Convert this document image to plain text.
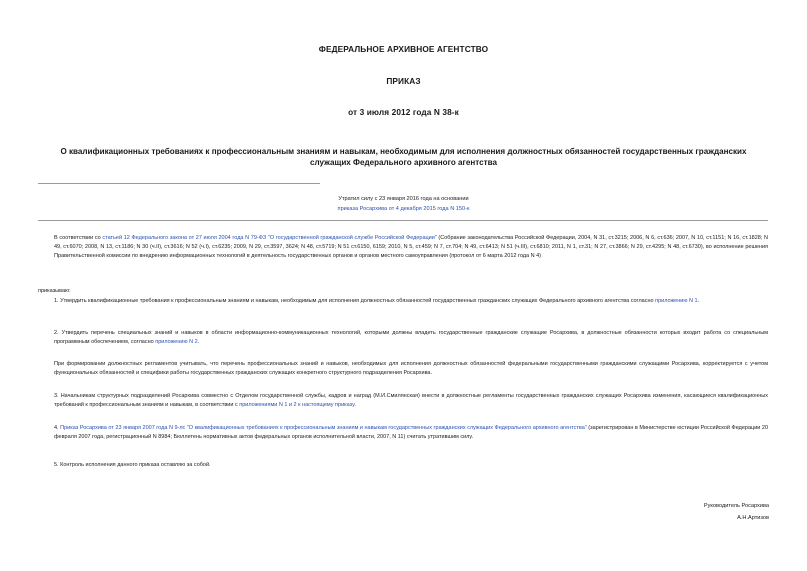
ФЕДЕРАЛЬНОЕ АРХИВНОЕ АГЕНТСТВО
ПРИКАЗ
от 3 июля 2012 года N 38-к
О квалификационных требованиях к профессиональным знаниям и навыкам, необходимым для исполнения должностных обязанностей государственных гражданских служащих Федерального архивного агентства
Утратил силу с 23 января 2016 года на основании
приказа Росархива от 4 декабря 2015 года N 150-к
В соответствии со статьей 12 Федерального закона от 27 июля 2004 года N 79-ФЗ "О государственной гражданской службе Российской Федерации" (Собрание законодательства Российской Федерации, 2004, N 31, ст.3215; 2006, N 6, ст.636; 2007, N 10, ст.1151; N 16, ст.1828; N 49, ст.6070; 2008, N 13, ст.1186; N 30 (ч.II), ст.3616; N 52 (ч.I), ст.6235; 2009, N 29, ст.3597, 3624; N 48, ст.5719; N 51 ст.6150, 6159; 2010, N 5, ст.459; N 7, ст.704; N 49, ст.6413; N 51 (ч.III), ст.6810; 2011, N 1, ст.31; N 27, ст.3866; N 29, ст.4295; N 48, ст.6730), во исполнение решения Правительственной комиссии по внедрению информационных технологий в деятельность государственных органов и органов местного самоуправления (протокол от 6 марта 2012 года N 4)
приказываю:
1. Утвердить квалификационные требования к профессиональным знаниям и навыкам, необходимым для исполнения должностных обязанностей государственных гражданских служащих Федерального архивного агентства согласно приложению N 1.
2. Утвердить перечень специальных знаний и навыков в области информационно-коммуникационных технологий, которыми должны владеть государственные гражданские служащие Росархива, в должностные обязанности которых входит работа со специальным программным обеспечением, согласно приложению N 2.
При формировании должностных регламентов учитывать, что перечень профессиональных знаний и навыков, необходимых для исполнения должностных обязанностей федеральными государственными гражданскими служащими Росархива, корректируется с учетом функциональных обязанностей и специфики работы государственных гражданских служащих конкретного структурного подразделения Росархива.
3. Начальникам структурных подразделений Росархива совместно с Отделом государственной службы, кадров и наград (М.И.Смилянская) внести в должностные регламенты государственных гражданских служащих Росархива изменения, касающиеся квалификационных требований к профессиональным знаниям и навыкам, в соответствии с приложениями N 1 и 2 к настоящему приказу.
4. Приказ Росархива от 23 января 2007 года N 9-лс "О квалификационных требованиях к профессиональным знаниям и навыкам государственных гражданских служащих Федерального архивного агентства" (зарегистрирован в Министерстве юстиции Российской Федерации 20 февраля 2007 года, регистрационный N 8984; Бюллетень нормативных актов федеральных органов исполнительной власти, 2007, N 11) считать утратившим силу.
5. Контроль исполнения данного приказа оставляю за собой.
Руководитель Росархива
А.Н.Артизов
